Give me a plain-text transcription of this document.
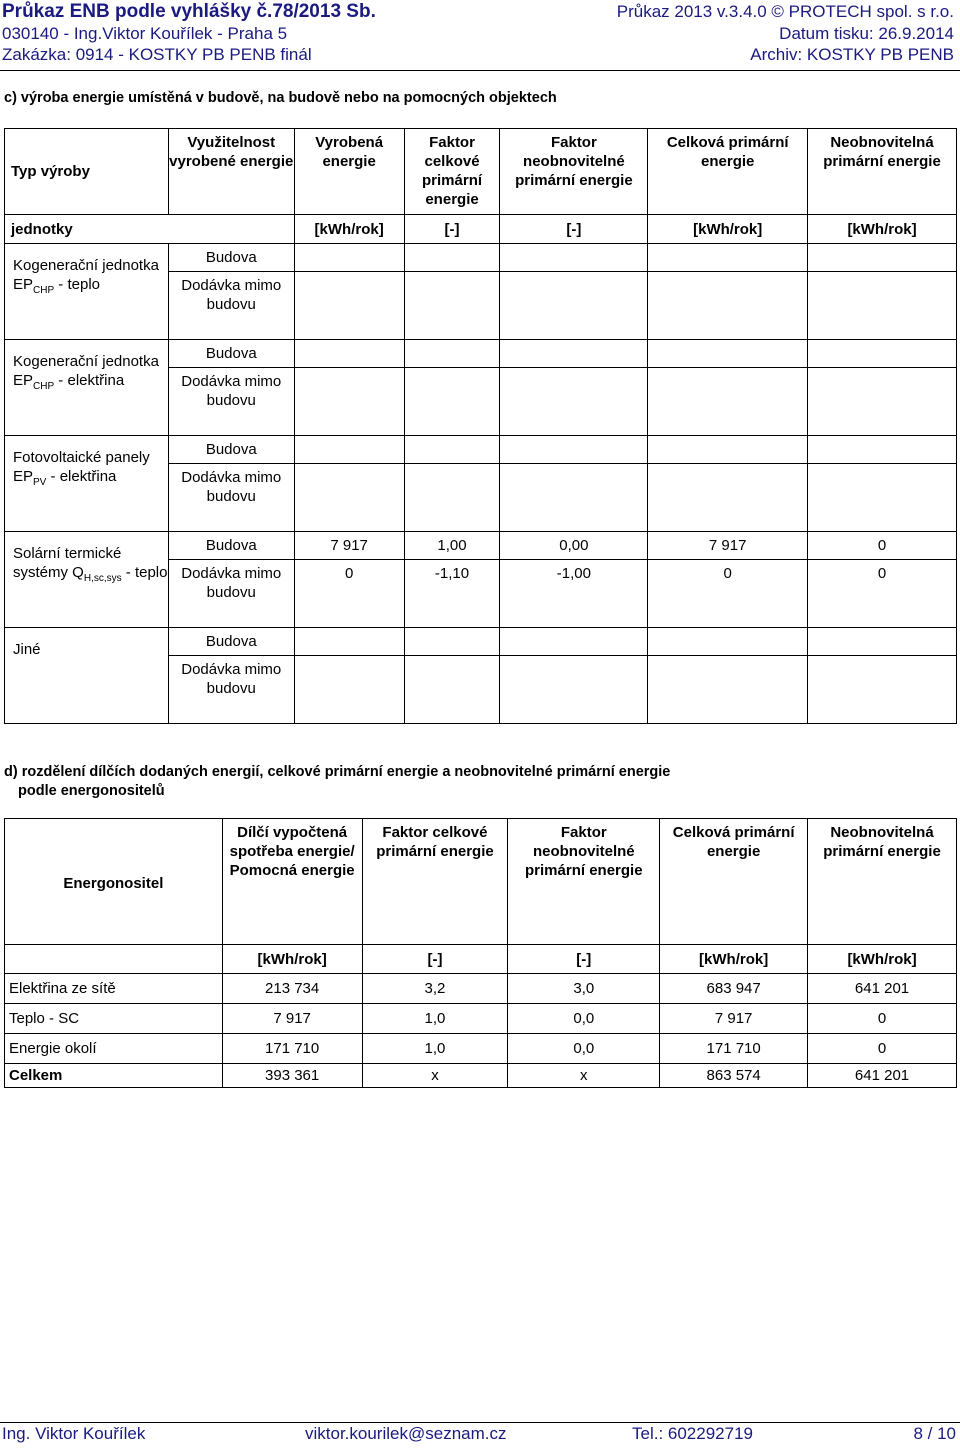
Průkaz ENB podle vyhlášky č.78/2013 Sb.	Průkaz 2013 v.3.4.0 © PROTECH spol. s r.o.
030140 - Ing.Viktor Kouřílek - Praha 5	Datum tisku: 26.9.2014
Zakázka: 0914 - KOSTKY PB PENB finál	Archiv: KOSTKY PB PENB
c) výroba energie umístěná v budově, na budově nebo na pomocných objektech
Typ výroby	Využitelnost vyrobené energie	Vyrobená energie	Faktor celkové primární energie	Faktor neobnovitelné primární energie	Celková primární energie	Neobnovitelná primární energie
jednotky		[kWh/rok]	[-]	[-]	[kWh/rok]	[kWh/rok]
Kogenerační jednotka $EP_{CHP}$ - teplo	Budova					
	Dodávka mimo budovu					
Kogenerační jednotka $EP_{CHP}$ - elektřina	Budova					
	Dodávka mimo budovu					
Fotovoltaické panely $EP_{PV}$ - elektřina	Budova					
	Dodávka mimo budovu					
Solární termické systémy $Q_{H,sc,sys}$ - teplo	Budova	7 917	1,00	0,00	7 917	0
	Dodávka mimo budovu	0	-1,10	-1,00	0	0
Jiné	Budova					
	Dodávka mimo budovu					
d) rozdělení dílčích dodaných energií, celkové primární energie a neobnovitelné primární energie
podle energonositelů
Energonositel	Dílčí vypočtená spotřeba energie/ Pomocná energie	Faktor celkové primární energie	Faktor neobnovitelné primární energie	Celková primární energie	Neobnovitelná primární energie
	[kWh/rok]	[-]	[-]	[kWh/rok]	[kWh/rok]
Elektřina ze sítě	213 734	3,2	3,0	683 947	641 201
Teplo - SC	7 917	1,0	0,0	7 917	0
Energie okolí	171 710	1,0	0,0	171 710	0
Celkem	393 361	x	x	863 574	641 201
Ing. Viktor Kouřílek	viktor.kourilek@seznam.cz	Tel.: 602292719	8 / 10
